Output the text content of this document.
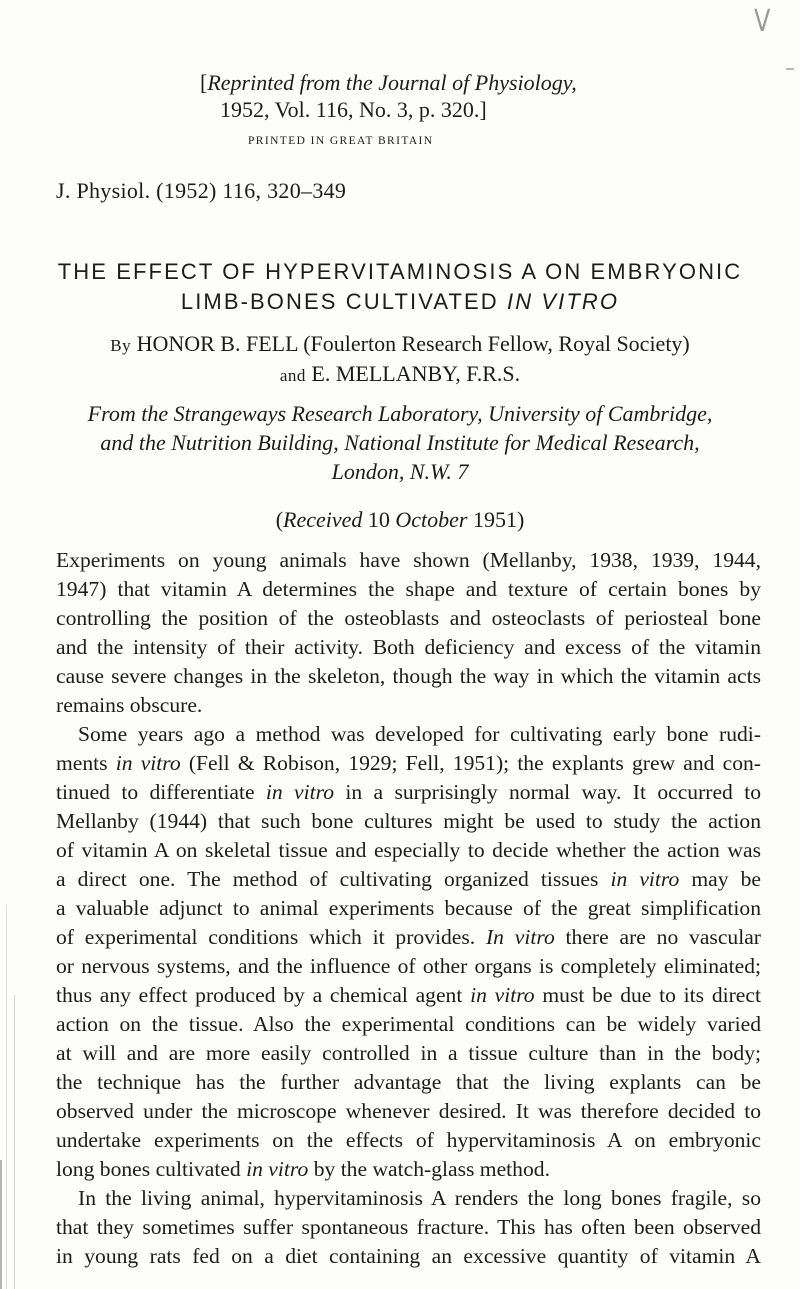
V
[Reprinted from the Journal of Physiology,
1952, Vol. 116, No. 3, p. 320.]
PRINTED IN GREAT BRITAIN
J. Physiol. (1952) 116, 320–349
THE EFFECT OF HYPERVITAMINOSIS A ON EMBRYONIC
LIMB-BONES CULTIVATED IN VITRO
By HONOR B. FELL (Foulerton Research Fellow, Royal Society)
and E. MELLANBY, F.R.S.
From the Strangeways Research Laboratory, University of Cambridge,
and the Nutrition Building, National Institute for Medical Research,
London, N.W. 7
(Received 10 October 1951)
Experiments on young animals have shown (Mellanby, 1938, 1939, 1944,
1947) that vitamin A determines the shape and texture of certain bones by
controlling the position of the osteoblasts and osteoclasts of periosteal bone
and the intensity of their activity. Both deficiency and excess of the vitamin
cause severe changes in the skeleton, though the way in which the vitamin acts
remains obscure.
Some years ago a method was developed for cultivating early bone rudi-
ments in vitro (Fell & Robison, 1929; Fell, 1951); the explants grew and con-
tinued to differentiate in vitro in a surprisingly normal way. It occurred to
Mellanby (1944) that such bone cultures might be used to study the action
of vitamin A on skeletal tissue and especially to decide whether the action was
a direct one. The method of cultivating organized tissues in vitro may be
a valuable adjunct to animal experiments because of the great simplification
of experimental conditions which it provides. In vitro there are no vascular
or nervous systems, and the influence of other organs is completely eliminated;
thus any effect produced by a chemical agent in vitro must be due to its direct
action on the tissue. Also the experimental conditions can be widely varied
at will and are more easily controlled in a tissue culture than in the body;
the technique has the further advantage that the living explants can be
observed under the microscope whenever desired. It was therefore decided to
undertake experiments on the effects of hypervitaminosis A on embryonic
long bones cultivated in vitro by the watch-glass method.
In the living animal, hypervitaminosis A renders the long bones fragile, so
that they sometimes suffer spontaneous fracture. This has often been observed
in young rats fed on a diet containing an excessive quantity of vitamin A
